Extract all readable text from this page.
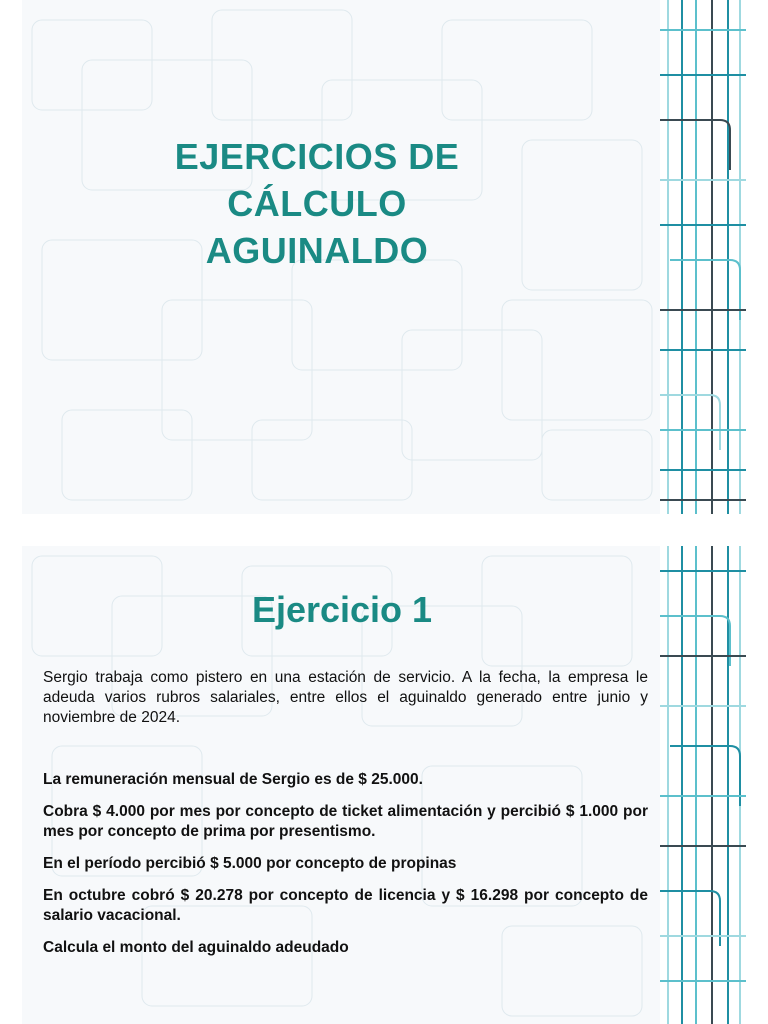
EJERCICIOS DE
CÁLCULO
AGUINALDO
Ejercicio 1

Sergio trabaja como pistero en una estación de servicio. A la fecha, la empresa le adeuda varios rubros salariales, entre ellos el aguinaldo generado entre junio y noviembre de 2024.

La remuneración mensual de Sergio es de $ 25.000.
Cobra $ 4.000 por mes por concepto de ticket alimentación y percibió $ 1.000 por mes por concepto de prima por presentismo.
En el período percibió $ 5.000 por concepto de propinas
En octubre cobró $ 20.278 por concepto de licencia y $ 16.298 por concepto de salario vacacional.
Calcula el monto del aguinaldo adeudado
